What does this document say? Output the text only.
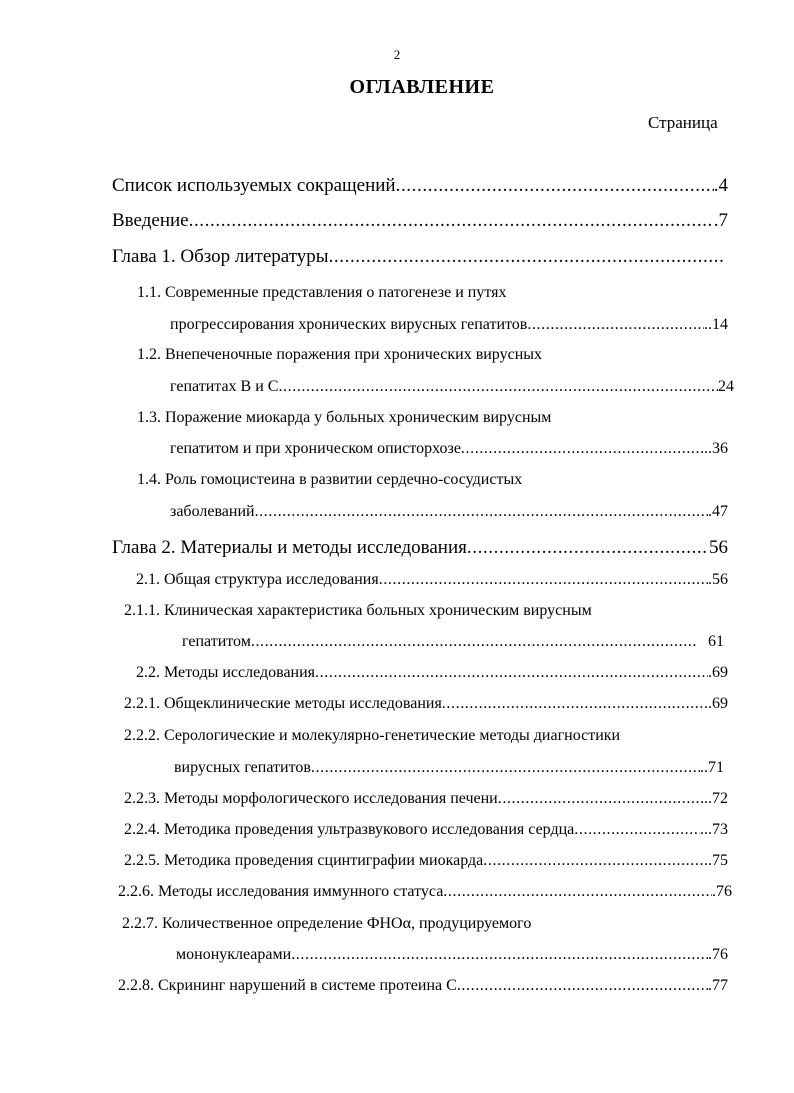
2
ОГЛАВЛЕНИЕ
Страница
Список используемых сокращений .....	.4
Введение .....	.7
Глава 1. Обзор литературы
.....
1.1. Современные представления о патогенезе и путях
прогрессирования хронических вирусных гепатитов .....	..14
1.2. Внепеченочные поражения при хронических вирусных
гепатитах В и С .....	24
1.3. Поражение миокарда у больных хроническим вирусным
гепатитом и при хроническом описторхозе .....	..36
1.4. Роль гомоцистеина в развитии сердечно-сосудистых
заболеваний .....	.47
Глава 2. Материалы и методы исследования .....	56
2.1. Общая структура исследования .....	.56
2.1.1. Клиническая характеристика больных хроническим вирусным
гепатитом .....	61
2.2. Методы исследования .....	.69
2.2.1. Общеклинические методы исследования .....	.69
2.2.2. Серологические и молекулярно-генетические методы диагностики
вирусных гепатитов .....	..71
2.2.3. Методы морфологического исследования печени .....	..72
2.2.4. Методика проведения ультразвукового исследования сердца .....	...73
2.2.5. Методика проведения сцинтиграфии миокарда .....	..75
2.2.6. Методы исследования иммунного статуса .....	.76
2.2.7. Количественное определение ФНОα, продуцируемого
мононуклеарами .....	.76
2.2.8. Скрининг нарушений в системе протеина С .....	.77
